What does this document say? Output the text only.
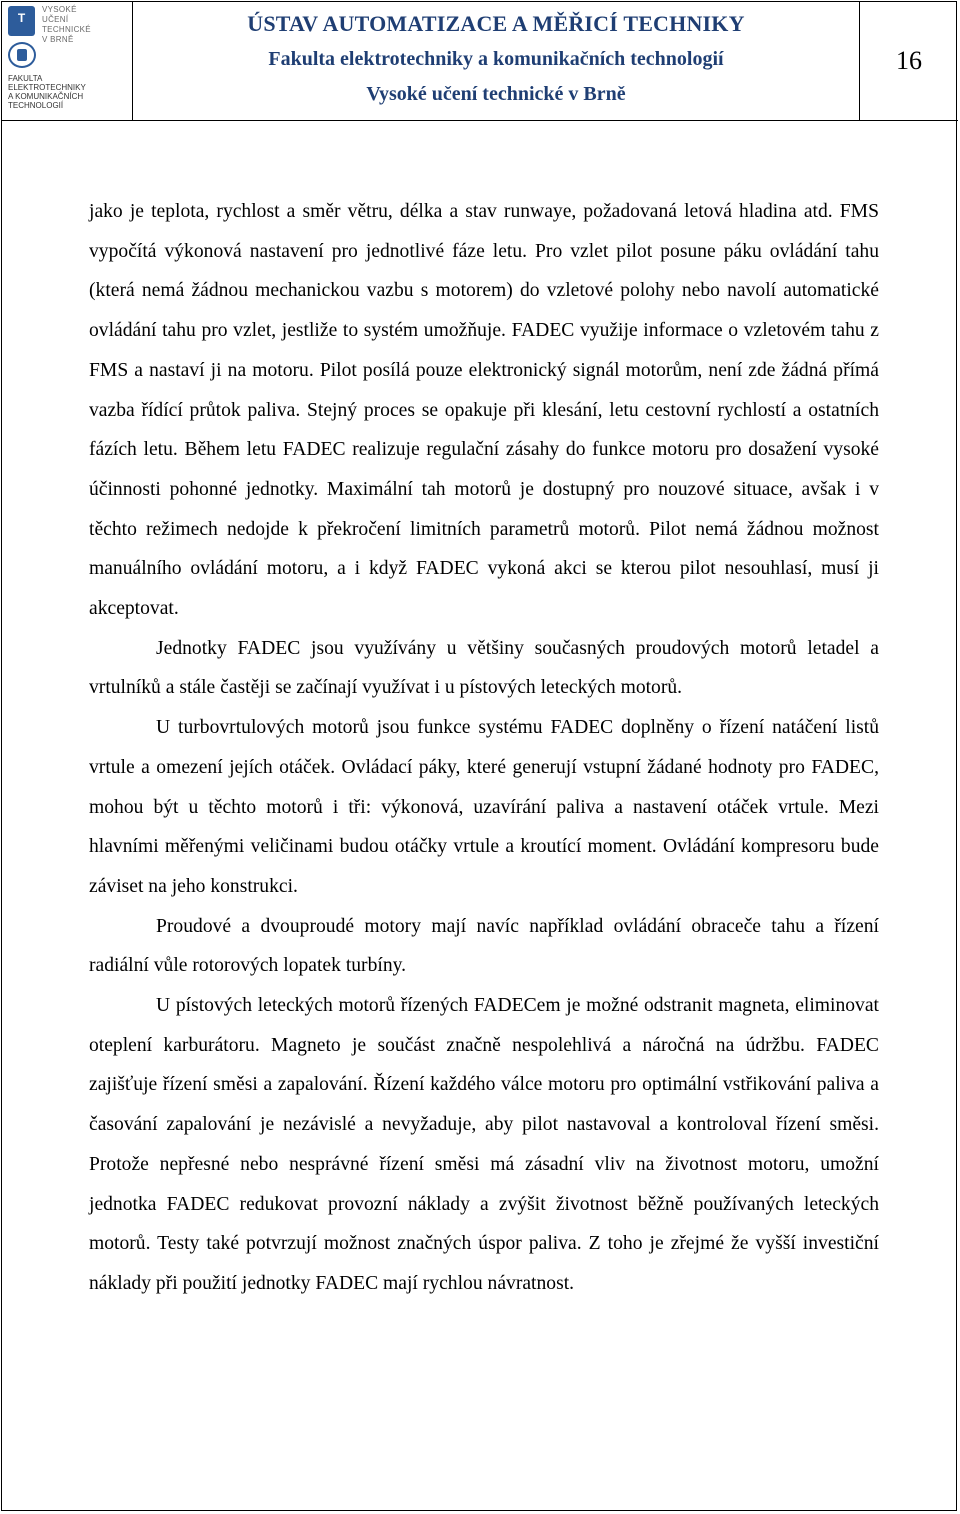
T
VYSOKÉ
UČENÍ
TECHNICKÉ
V BRNĚ
FAKULTA
ELEKTROTECHNIKY
A KOMUNIKAČNÍCH
TECHNOLOGIÍ
ÚSTAV AUTOMATIZACE A MĚŘICÍ TECHNIKY
Fakulta elektrotechniky a komunikačních technologií
Vysoké učení technické v Brně
16

jako je teplota, rychlost a směr větru, délka a stav runwaye, požadovaná letová hladina atd. FMS vypočítá výkonová nastavení pro jednotlivé fáze letu. Pro vzlet pilot posune páku ovládání tahu (která nemá žádnou mechanickou vazbu s motorem) do vzletové polohy nebo navolí automatické ovládání tahu pro vzlet, jestliže to systém umožňuje. FADEC využije informace o vzletovém tahu z FMS a nastaví ji na motoru. Pilot posílá pouze elektronický signál motorům, není zde žádná přímá vazba řídící průtok paliva. Stejný proces se opakuje při klesání, letu cestovní rychlostí a ostatních fázích letu. Během letu FADEC realizuje regulační zásahy do funkce motoru pro dosažení vysoké účinnosti pohonné jednotky. Maximální tah motorů je dostupný pro nouzové situace, avšak i v těchto režimech nedojde k překročení limitních parametrů motorů. Pilot nemá žádnou možnost manuálního ovládání motoru, a i když FADEC vykoná akci se kterou pilot nesouhlasí, musí ji akceptovat.

Jednotky FADEC jsou využívány u většiny současných proudových motorů letadel a vrtulníků a stále častěji se začínají využívat i u pístových leteckých motorů.

U turbovrtulových motorů jsou funkce systému FADEC doplněny o řízení natáčení listů vrtule a omezení jejích otáček. Ovládací páky, které generují vstupní žádané hodnoty pro FADEC, mohou být u těchto motorů i tři: výkonová, uzavírání paliva a nastavení otáček vrtule. Mezi hlavními měřenými veličinami budou otáčky vrtule a kroutící moment. Ovládání kompresoru bude záviset na jeho konstrukci.

Proudové a dvouproudé motory mají navíc například ovládání obraceče tahu a řízení radiální vůle rotorových lopatek turbíny.

U pístových leteckých motorů řízených FADECem je možné odstranit magneta, eliminovat oteplení karburátoru. Magneto je součást značně nespolehlivá a náročná na údržbu. FADEC zajišťuje řízení směsi a zapalování. Řízení každého válce motoru pro optimální vstřikování paliva a časování zapalování je nezávislé a nevyžaduje, aby pilot nastavoval a kontroloval řízení směsi. Protože nepřesné nebo nesprávné řízení směsi má zásadní vliv na životnost motoru, umožní jednotka FADEC redukovat provozní náklady a zvýšit životnost běžně používaných leteckých motorů. Testy také potvrzují možnost značných úspor paliva. Z toho je zřejmé že vyšší investiční náklady při použití jednotky FADEC mají rychlou návratnost.
